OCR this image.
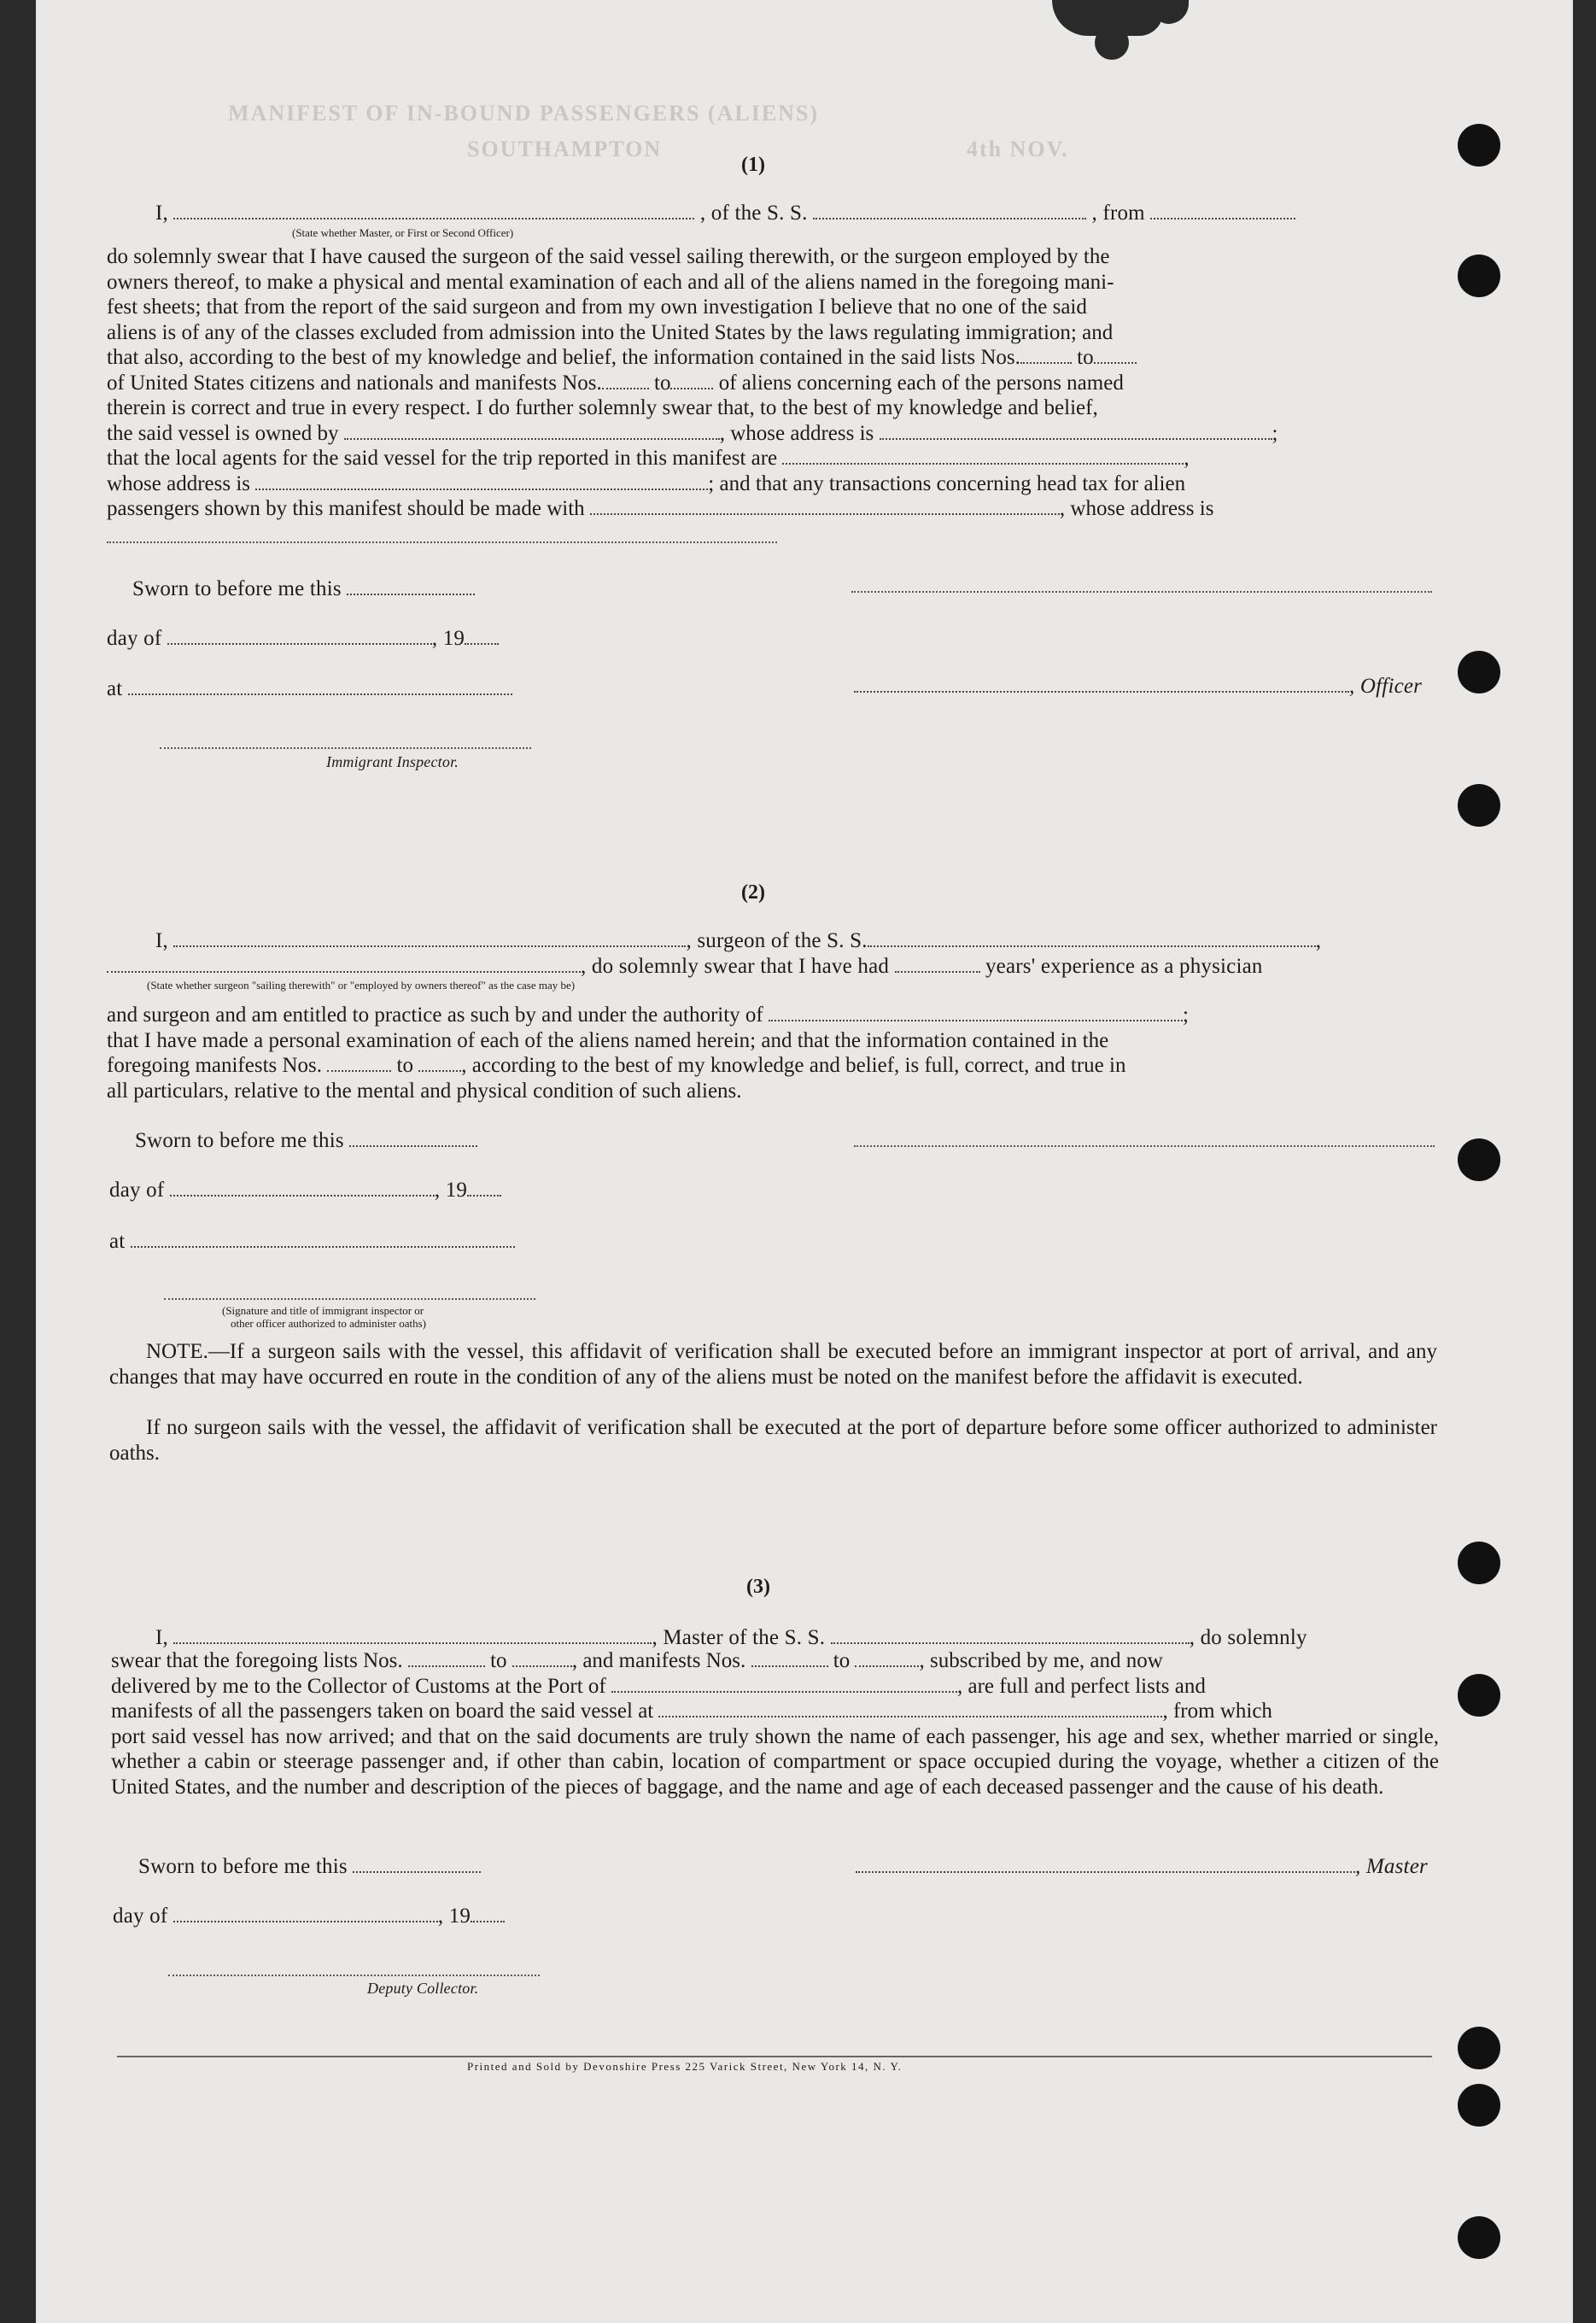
MANIFEST OF IN-BOUND PASSENGERS (ALIENS)
SOUTHAMPTON	4th NOV.
(1)
I,	, of the S. S.	, from
(State whether Master, or First or Second Officer)
do solemnly swear that I have caused the surgeon of the said vessel sailing therewith, or the surgeon employed by the
owners thereof, to make a physical and mental examination of each and all of the aliens named in the foregoing mani-
fest sheets; that from the report of the said surgeon and from my own investigation I believe that no one of the said
aliens is of any of the classes excluded from admission into the United States by the laws regulating immigration; and
that also, according to the best of my knowledge and belief, the information contained in the said lists Nos.	to
of United States citizens and nationals and manifests Nos. to of aliens concerning each of the persons named
therein is correct and true in every respect. I do further solemnly swear that, to the best of my knowledge and belief,
the said vessel is owned by	, whose address is	;
that the local agents for the said vessel for the trip reported in this manifest are	,
whose address is	; and that any transactions concerning head tax for alien
passengers shown by this manifest should be made with	, whose address is
Sworn to before me this
day of	, 19
at	, Officer
Immigrant Inspector.
(2)
I,	, surgeon of the S. S.	,
, do solemnly swear that I have had	years' experience as a physician
(State whether surgeon "sailing therewith" or "employed by owners thereof" as the case may be)
and surgeon and am entitled to practice as such by and under the authority of	;
that I have made a personal examination of each of the aliens named herein; and that the information contained in the
foregoing manifests Nos.	to , according to the best of my knowledge and belief, is full, correct, and true in
all particulars, relative to the mental and physical condition of such aliens.
Sworn to before me this
day of	, 19
at
(Signature and title of immigrant inspector or
other officer authorized to administer oaths)
NOTE.—If a surgeon sails with the vessel, this affidavit of verification shall be executed before an immigrant inspector at port of arrival, and any changes that may have occurred en route in the condition of any of the aliens must be noted on the manifest before the affidavit is executed.
If no surgeon sails with the vessel, the affidavit of verification shall be executed at the port of departure before some officer authorized to administer oaths.
(3)
I,	, Master of the S. S.	, do solemnly
swear that the foregoing lists Nos.	to	, and manifests Nos.	to	, subscribed by me, and now
delivered by me to the Collector of Customs at the Port of	, are full and perfect lists and
manifests of all the passengers taken on board the said vessel at	, from which
port said vessel has now arrived; and that on the said documents are truly shown the name of each passenger, his age and sex, whether married or single, whether a cabin or steerage passenger and, if other than cabin, location of compartment or space occupied during the voyage, whether a citizen of the United States, and the number and description of the pieces of baggage, and the name and age of each deceased passenger and the cause of his death.
Sworn to before me this	, Master
day of	, 19
Deputy Collector.
Printed and Sold by Devonshire Press 225 Varick Street, New York 14, N. Y.
